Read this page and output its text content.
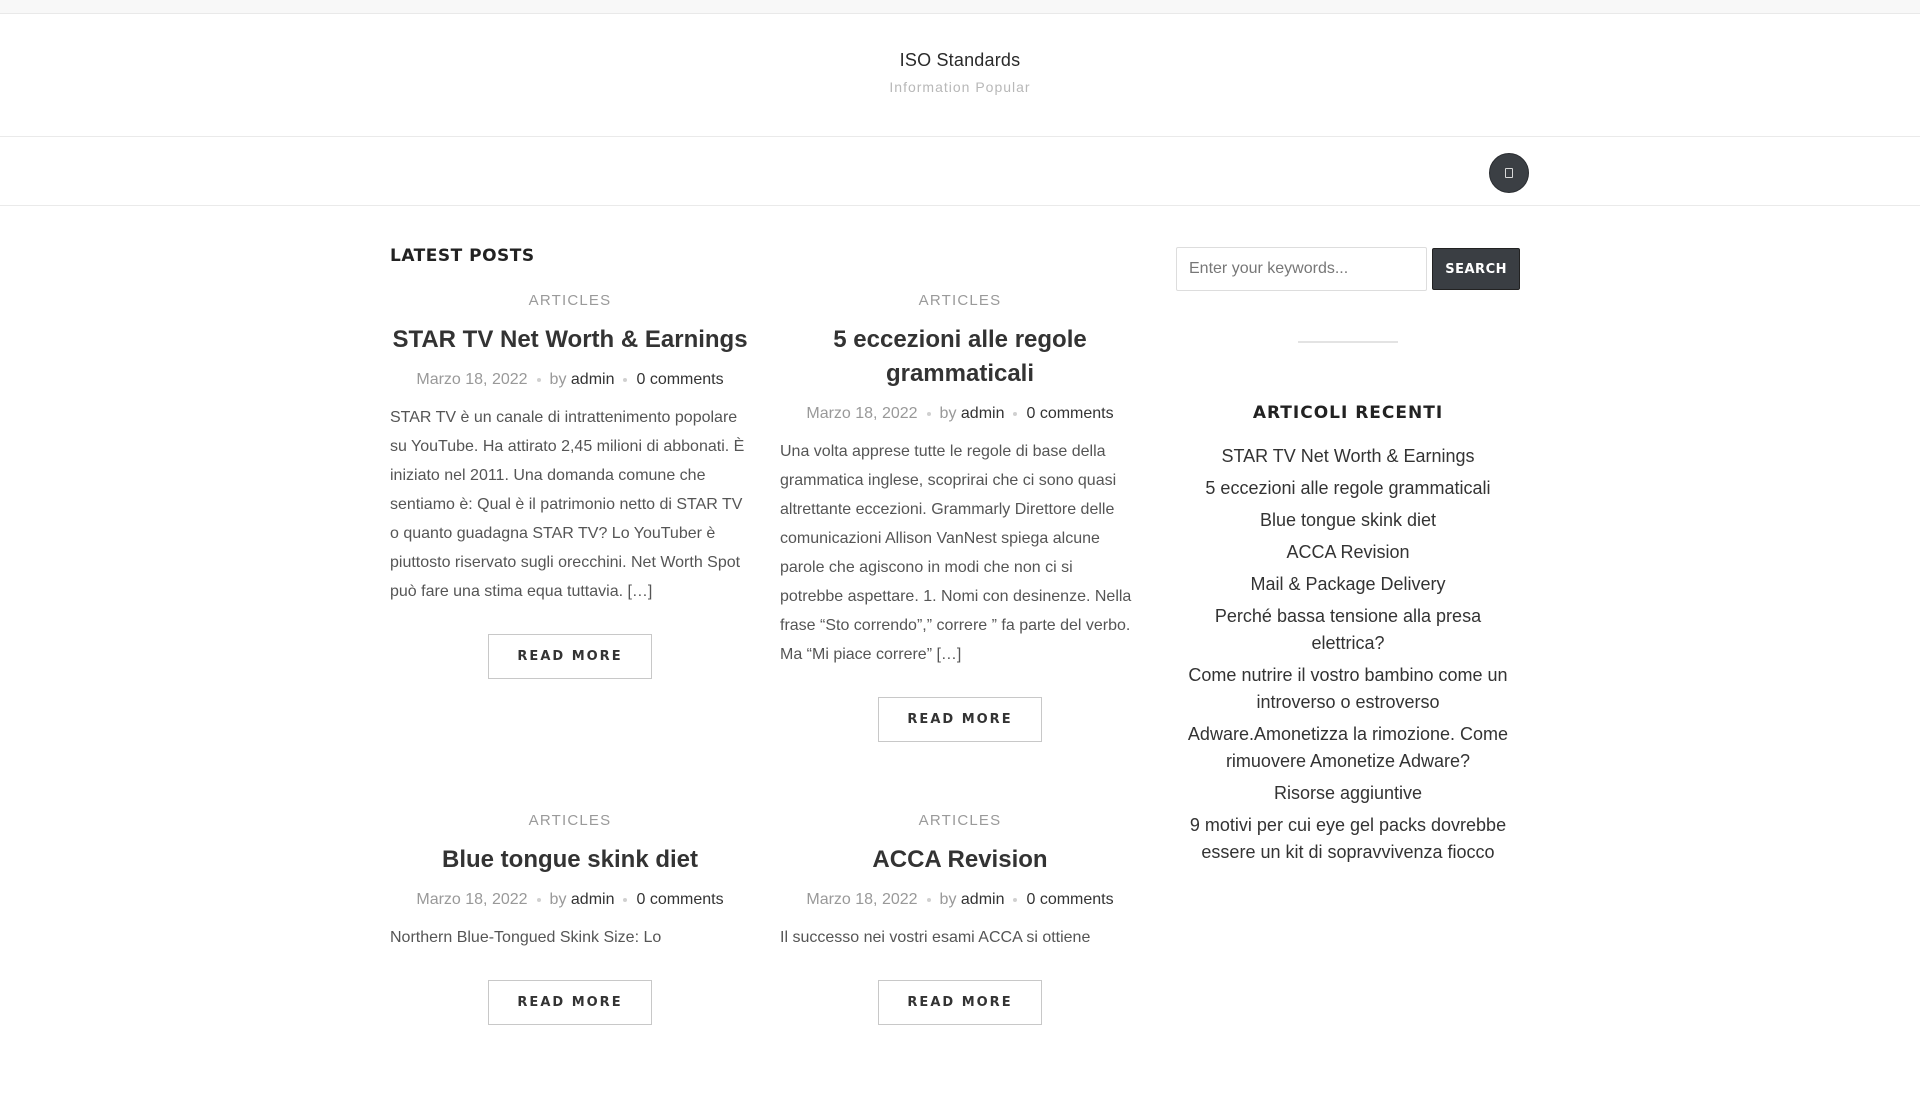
ISO Standards
Information Popular
LATEST POSTS
ARTICLES
STAR TV Net Worth & Earnings
Marzo 18, 2022 by admin 0 comments

STAR TV è un canale di intrattenimento popolare su YouTube. Ha attirato 2,45 milioni di abbonati. È iniziato nel 2011. Una domanda comune che sentiamo è: Qual è il patrimonio netto di STAR TV o quanto guadagna STAR TV? Lo YouTuber è piuttosto riservato sugli orecchini. Net Worth Spot può fare una stima equa tuttavia. […]

READ MORE
ARTICLES
5 eccezioni alle regole grammaticali
Marzo 18, 2022 by admin 0 comments

Una volta apprese tutte le regole di base della grammatica inglese, scoprirai che ci sono quasi altrettante eccezioni. Grammarly Direttore delle comunicazioni Allison VanNest spiega alcune parole che agiscono in modi che non ci si potrebbe aspettare. 1. Nomi con desinenze. Nella frase “Sto correndo”,” correre ” fa parte del verbo. Ma “Mi piace correre” […]

READ MORE
ARTICLES
Blue tongue skink diet
Marzo 18, 2022 by admin 0 comments

Northern Blue-Tongued Skink Size: Lo

READ MORE
ARTICLES
ACCA Revision
Marzo 18, 2022 by admin 0 comments

Il successo nei vostri esami ACCA si ottiene

READ MORE
Enter your keywords...
SEARCH
ARTICOLI RECENTI
STAR TV Net Worth & Earnings
5 eccezioni alle regole grammaticali
Blue tongue skink diet
ACCA Revision
Mail & Package Delivery
Perché bassa tensione alla presa elettrica?
Come nutrire il vostro bambino come un introverso o estroverso
Adware.Amonetizza la rimozione. Come rimuovere Amonetize Adware?
Risorse aggiuntive
9 motivi per cui eye gel packs dovrebbe essere un kit di sopravvivenza fiocco
